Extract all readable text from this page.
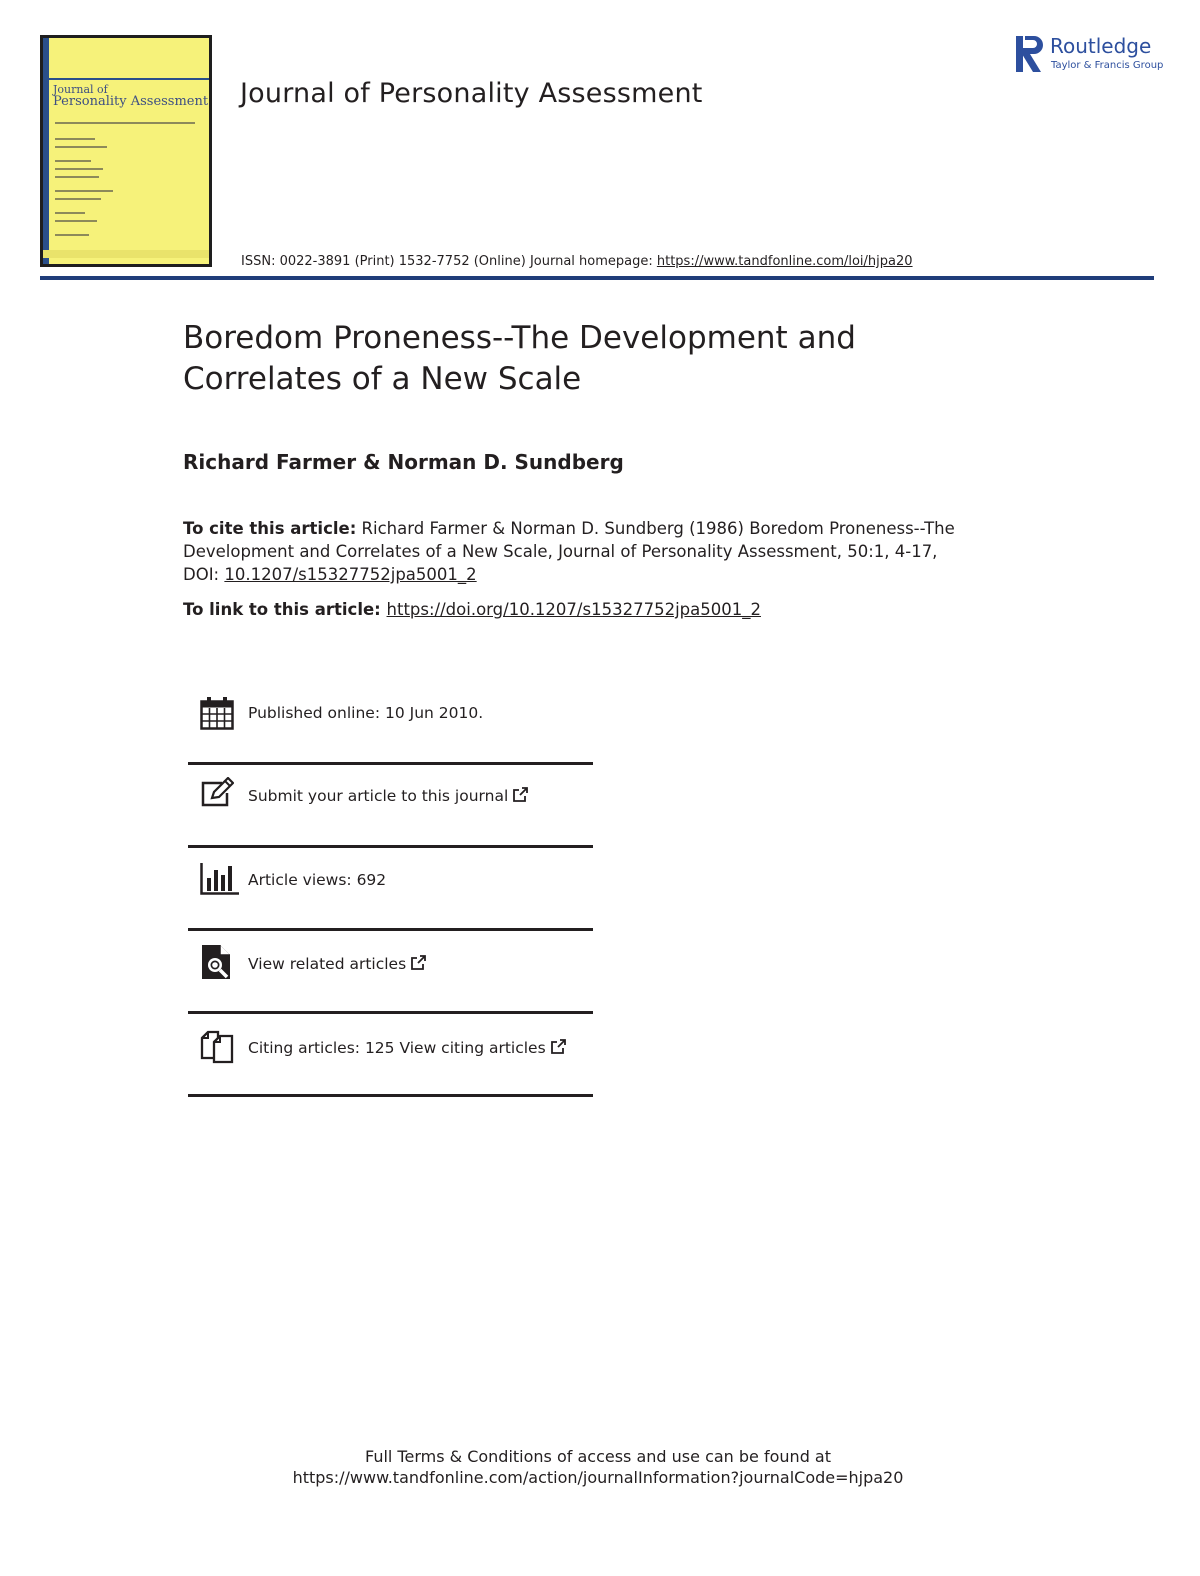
Journal of
Personality Assessment Journal of Personality Assessment
ISSN: 0022-3891 (Print) 1532-7752 (Online) Journal homepage: https://www.tandfonline.com/loi/hjpa20
Routledge
Taylor & Francis Group
Boredom Proneness--The Development and
Correlates of a New Scale
Richard Farmer & Norman D. Sundberg
To cite this article: Richard Farmer & Norman D. Sundberg (1986) Boredom Proneness--The Development and Correlates of a New Scale, Journal of Personality Assessment, 50:1, 4-17,
DOI: 10.1207/s15327752jpa5001_2
To link to this article: https://doi.org/10.1207/s15327752jpa5001_2
Published online: 10 Jun 2010.
Submit your article to this journal
Article views: 692
View related articles
Citing articles: 125 View citing articles
Full Terms & Conditions of access and use can be found at
https://www.tandfonline.com/action/journalInformation?journalCode=hjpa20
